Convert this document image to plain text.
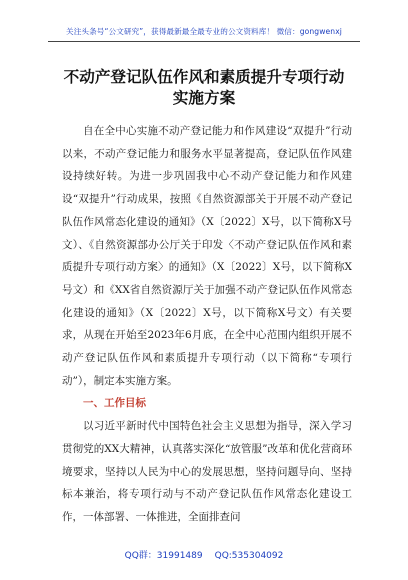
关注头条号“公文研究”，获得最新最全最专业的公文资料库！ 微信：gongwenxj
不动产登记队伍作风和素质提升专项行动
实施方案

自在全中心实施不动产登记能力和作风建设“双提升”行动以来，不动产登记能力和服务水平显著提高，登记队伍作风建设持续好转。为进一步巩固我中心不动产登记能力和作风建设“双提升”行动成果，按照《自然资源部关于开展不动产登记队伍作风常态化建设的通知》（X〔2022〕X号，以下简称X号文）、《自然资源部办公厅关于印发〈不动产登记队伍作风和素质提升专项行动方案〉的通知》（X〔2022〕X号，以下简称X号文）和《XX省自然资源厅关于加强不动产登记队伍作风常态化建设的通知》（X〔2022〕X号，以下简称X号文）有关要求，从现在开始至2023年6月底，在全中心范围内组织开展不动产登记队伍作风和素质提升专项行动（以下简称“专项行动”），制定本实施方案。

一、工作目标

以习近平新时代中国特色社会主义思想为指导，深入学习贯彻党的XX大精神，认真落实深化“放管服”改革和优化营商环境要求，坚持以人民为中心的发展思想，坚持问题导向、坚持标本兼治，将专项行动与不动产登记队伍作风常态化建设工作，一体部署、一体推进，全面排查问

QQ群：31991489 QQ:535304092
